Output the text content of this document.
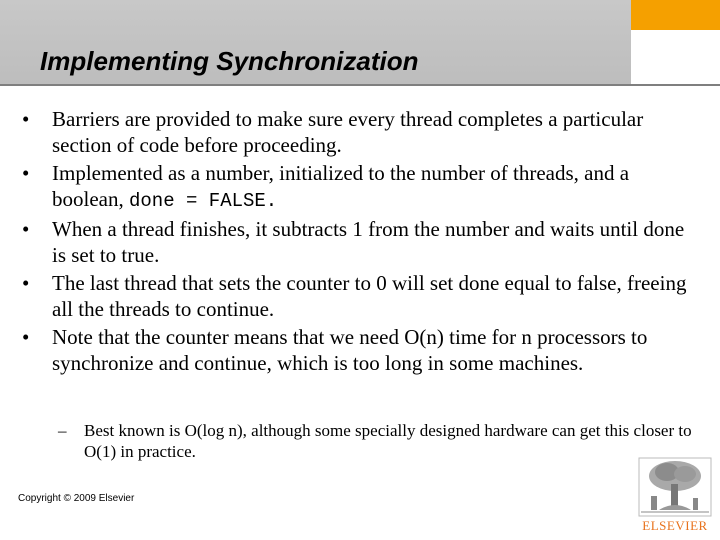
Implementing Synchronization
• Barriers are provided to make sure every thread completes a particular section of code before proceeding.
• Implemented as a number, initialized to the number of threads, and a boolean, done = FALSE.
• When a thread finishes, it subtracts 1 from the number and waits until done is set to true.
• The last thread that sets the counter to 0 will set done equal to false, freeing all the threads to continue.
• Note that the counter means that we need O(n) time for n processors to synchronize and continue, which is too long in some machines.
– Best known is O(log n), although some specially designed hardware can get this closer to O(1) in practice.
Copyright © 2009 Elsevier
ELSEVIER
